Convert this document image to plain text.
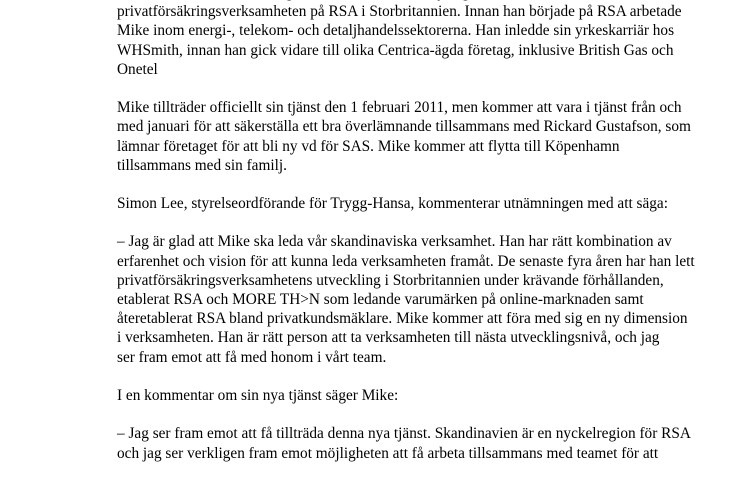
privatförsäkringsverksamheten på RSA i Storbritannien. Innan han började på RSA arbetade
Mike inom energi-, telekom- och detaljhandelssektorerna. Han inledde sin yrkeskarriär hos
WHSmith, innan han gick vidare till olika Centrica-ägda företag, inklusive British Gas och
Onetel

Mike tillträder officiellt sin tjänst den 1 februari 2011, men kommer att vara i tjänst från och
med januari för att säkerställa ett bra överlämnande tillsammans med Rickard Gustafson, som
lämnar företaget för att bli ny vd för SAS. Mike kommer att flytta till Köpenhamn
tillsammans med sin familj.

Simon Lee, styrelseordförande för Trygg-Hansa, kommenterar utnämningen med att säga:

– Jag är glad att Mike ska leda vår skandinaviska verksamhet. Han har rätt kombination av
erfarenhet och vision för att kunna leda verksamheten framåt. De senaste fyra åren har han lett
privatförsäkringsverksamhetens utveckling i Storbritannien under krävande förhållanden,
etablerat RSA och MORE TH>N som ledande varumärken på online-marknaden samt
återetablerat RSA bland privatkundsmäklare. Mike kommer att föra med sig en ny dimension
i verksamheten. Han är rätt person att ta verksamheten till nästa utvecklingsnivå, och jag
ser fram emot att få med honom i vårt team.

I en kommentar om sin nya tjänst säger Mike:

– Jag ser fram emot att få tillträda denna nya tjänst. Skandinavien är en nyckelregion för RSA
och jag ser verkligen fram emot möjligheten att få arbeta tillsammans med teamet för att
